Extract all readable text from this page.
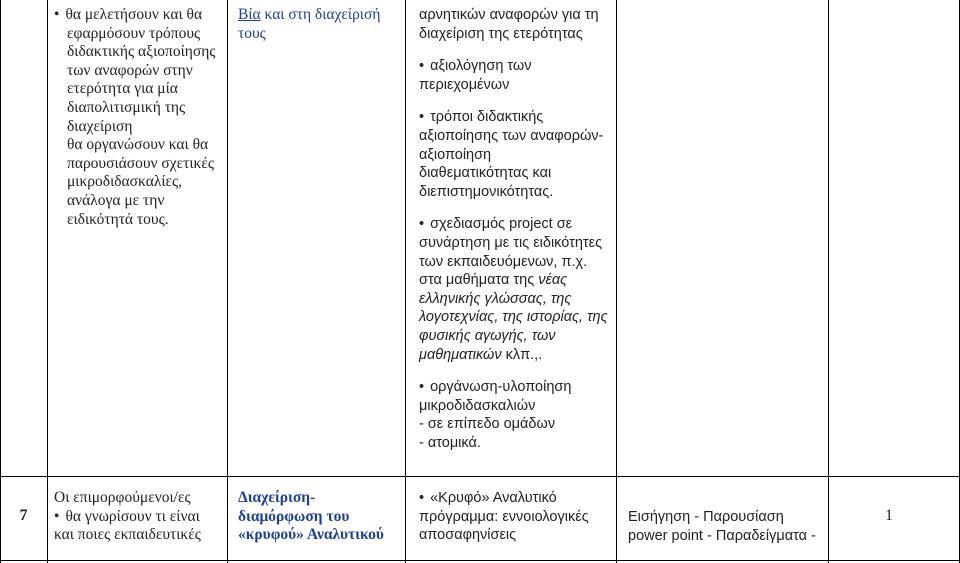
• θα μελετήσουν και θα
εφαρμόσουν τρόπους
διδακτικής αξιοποίησης
των αναφορών στην
ετερότητα για μία
διαπολιτισμική της
διαχείριση
θα οργανώσουν και θα
παρουσιάσουν σχετικές
μικροδιδασκαλίες,
ανάλογα με την
ειδικότητά τους.
Βία και στη διαχείρισή
τους
αρνητικών αναφορών για τη
διαχείριση της ετερότητας
• αξιολόγηση των
περιεχομένων
• τρόποι διδακτικής
αξιοποίησης των αναφορών-
αξιοποίηση
διαθεματικότητας και
διεπιστημονικότητας.
• σχεδιασμός project σε
συνάρτηση με τις ειδικότητες
των εκπαιδευόμενων, π.χ.
στα μαθήματα της νέας
ελληνικής γλώσσας, της
λογοτεχνίας, της ιστορίας, της
φυσικής αγωγής, των
μαθηματικών κλπ.,.
• οργάνωση-υλοποίηση
μικροδιδασκαλιών
- σε επίπεδο ομάδων
- ατομικά.
7
Οι επιμορφούμενοι/ες
• θα γνωρίσουν τι είναι
και ποιες εκπαιδευτικές
Διαχείριση-
διαμόρφωση του
«κρυφού» Αναλυτικού
• «Κρυφό» Αναλυτικό
πρόγραμμα: εννοιολογικές
αποσαφηνίσεις
Εισήγηση - Παρουσίαση
power point - Παραδείγματα -
1
